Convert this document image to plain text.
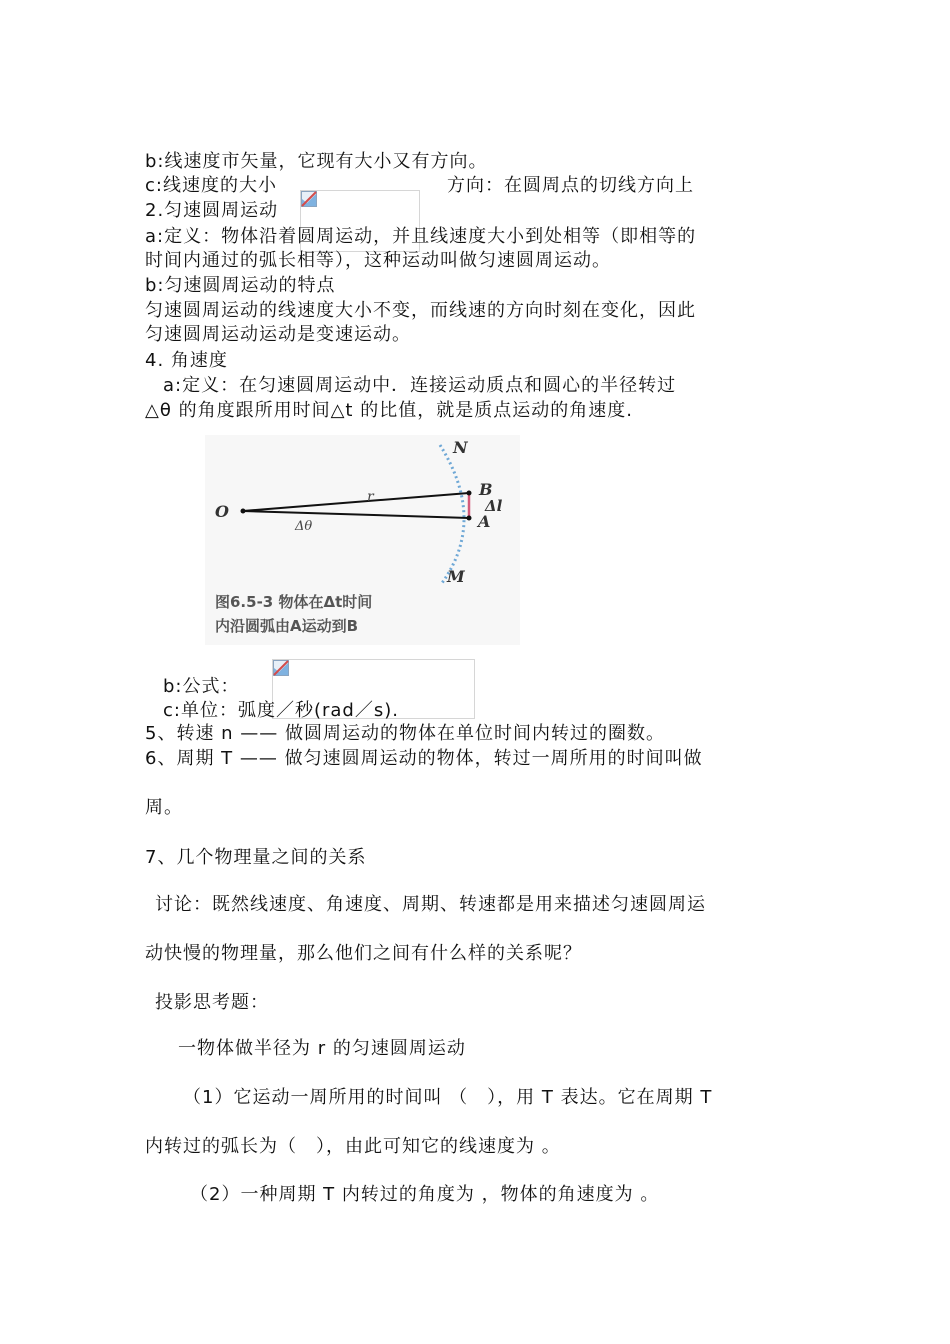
b:线速度市矢量，它现有大小又有方向。
c:线速度的大小	方向：在圆周点的切线方向上
2.匀速圆周运动
a:定义：物体沿着圆周运动，并且线速度大小到处相等（即相等的
时间内通过的弧长相等），这种运动叫做匀速圆周运动。
b:匀速圆周运动的特点
匀速圆周运动的线速度大小不变，而线速的方向时刻在变化，因此
匀速圆周运动运动是变速运动。
4. 角速度
a:定义：在匀速圆周运动中．连接运动质点和圆心的半径转过
△θ 的角度跟所用时间△t 的比值，就是质点运动的角速度.
N
B
Δl
A
M
O
r
Δθ
图6.5-3 物体在Δt时间
内沿圆弧由A运动到B
b:公式：
c:单位：弧度／秒(rad／s).
5、转速 n —— 做圆周运动的物体在单位时间内转过的圈数。
6、周期 T —— 做匀速圆周运动的物体，转过一周所用的时间叫做
周。
7、几个物理量之间的关系
讨论：既然线速度、角速度、周期、转速都是用来描述匀速圆周运
动快慢的物理量，那么他们之间有什么样的关系呢？
投影思考题：
一物体做半径为 r 的匀速圆周运动
（1）它运动一周所用的时间叫 （　），用 T 表达。它在周期 T
内转过的弧长为（　），由此可知它的线速度为 。
（2）一种周期 T 内转过的角度为 ，物体的角速度为 。
